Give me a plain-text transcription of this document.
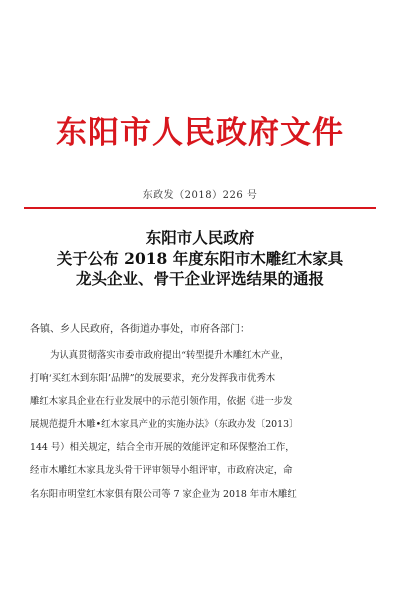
东阳市人民政府文件
东政发（2018）226 号
东阳市人民政府
关于公布 2018 年度东阳市木雕红木家具
龙头企业、骨干企业评选结果的通报
各镇、乡人民政府，各街道办事处，市府各部门：
为认真贯彻落实市委市政府提出“转型提升木雕红木产业，
打响‘买红木到东阳’品牌”的发展要求，充分发挥我市优秀木
雕红木家具企业在行业发展中的示范引领作用，依据《进一步发
展规范提升木雕•红木家具产业的实施办法》（东政办发〔2013〕
144 号）相关规定，结合全市开展的效能评定和环保整治工作，
经市木雕红木家具龙头骨干评审领导小组评审，市政府决定，命
名东阳市明堂红木家俱有限公司等 7 家企业为 2018 年市木雕红
